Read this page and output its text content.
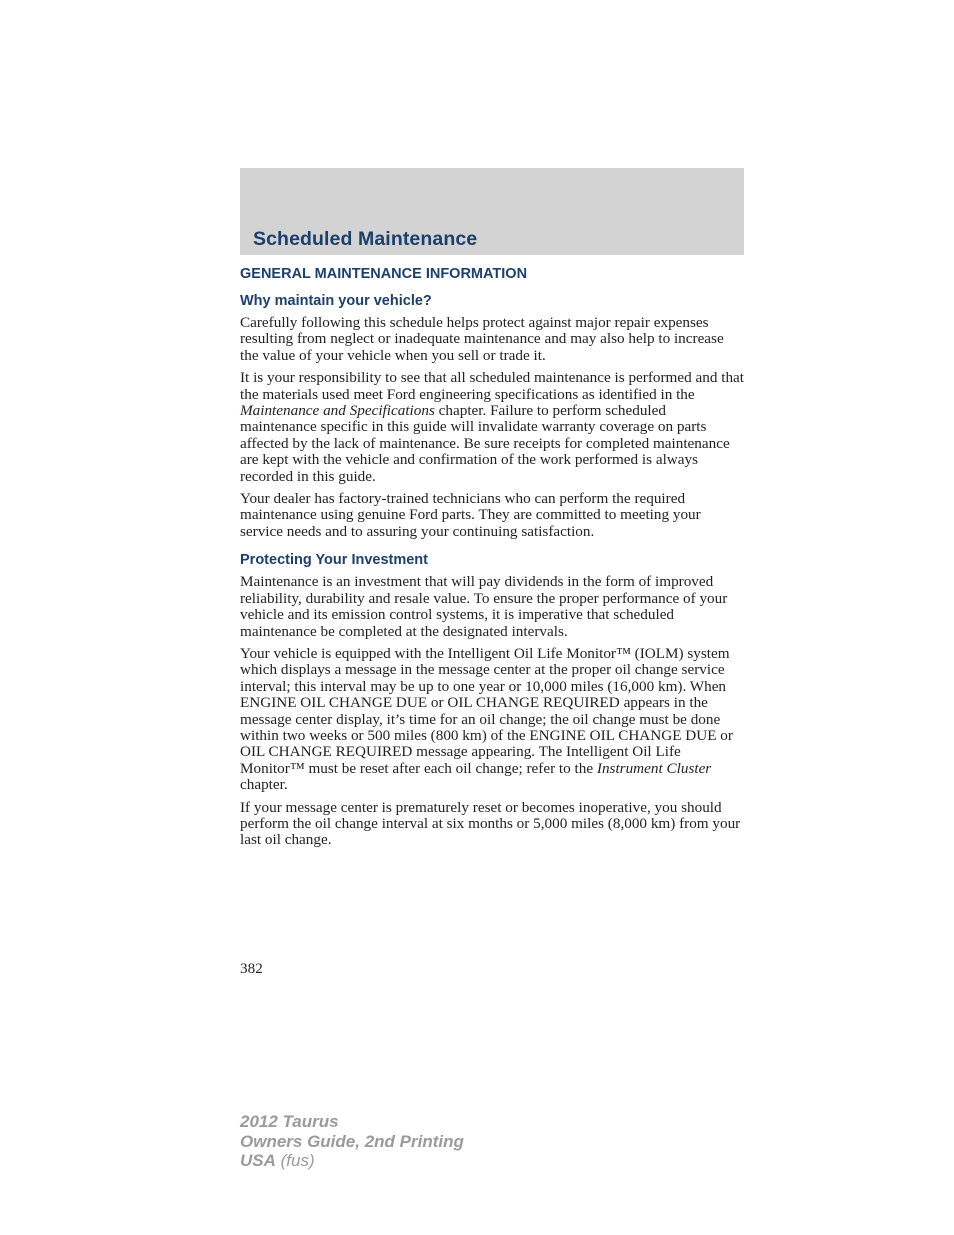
Scheduled Maintenance
GENERAL MAINTENANCE INFORMATION
Why maintain your vehicle?

Carefully following this schedule helps protect against major repair expenses resulting from neglect or inadequate maintenance and may also help to increase the value of your vehicle when you sell or trade it.

It is your responsibility to see that all scheduled maintenance is performed and that the materials used meet Ford engineering specifications as identified in the Maintenance and Specifications chapter. Failure to perform scheduled maintenance specific in this guide will invalidate warranty coverage on parts affected by the lack of maintenance. Be sure receipts for completed maintenance are kept with the vehicle and confirmation of the work performed is always recorded in this guide.

Your dealer has factory-trained technicians who can perform the required maintenance using genuine Ford parts. They are committed to meeting your service needs and to assuring your continuing satisfaction.

Protecting Your Investment

Maintenance is an investment that will pay dividends in the form of improved reliability, durability and resale value. To ensure the proper performance of your vehicle and its emission control systems, it is imperative that scheduled maintenance be completed at the designated intervals.

Your vehicle is equipped with the Intelligent Oil Life Monitor™ (IOLM) system which displays a message in the message center at the proper oil change service interval; this interval may be up to one year or 10,000 miles (16,000 km). When ENGINE OIL CHANGE DUE or OIL CHANGE REQUIRED appears in the message center display, it’s time for an oil change; the oil change must be done within two weeks or 500 miles (800 km) of the ENGINE OIL CHANGE DUE or OIL CHANGE REQUIRED message appearing. The Intelligent Oil Life Monitor™ must be reset after each oil change; refer to the Instrument Cluster chapter.

If your message center is prematurely reset or becomes inoperative, you should perform the oil change interval at six months or 5,000 miles (8,000 km) from your last oil change.

382
2012 Taurus
Owners Guide, 2nd Printing
USA (fus)
